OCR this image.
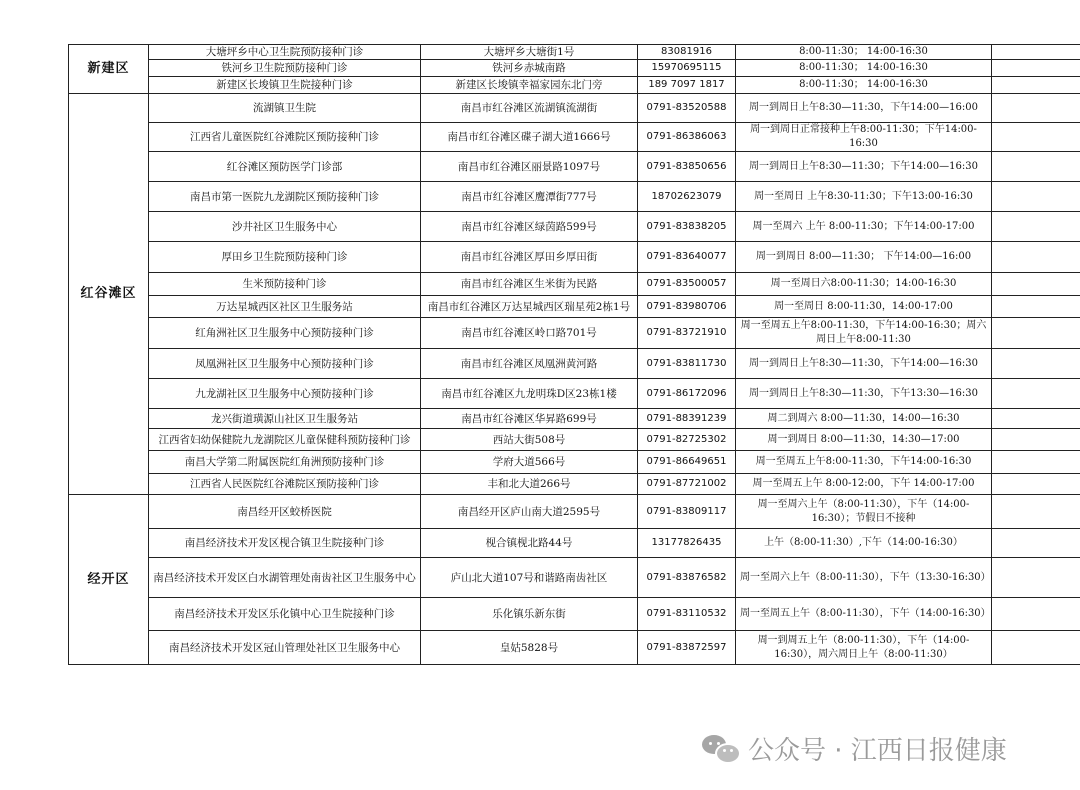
新建区	大塘坪乡中心卫生院预防接种门诊	大塘坪乡大塘街1号	83081916	8:00-11:30； 14:00-16:30	
	铁河乡卫生院预防接种门诊	铁河乡赤城南路	15970695115	8:00-11:30； 14:00-16:30	
	新建区长埈镇卫生院接种门诊	新建区长埈镇幸福家园东北门旁	189 7097 1817	8:00-11:30； 14:00-16:30	
红谷滩区	流湖镇卫生院	南昌市红谷滩区流湖镇流湖街	0791-83520588	周一到周日上午8:30—11:30，下午14:00—16:00	
	江西省儿童医院红谷滩院区预防接种门诊	南昌市红谷滩区碟子湖大道1666号	0791-86386063	周一到周日正常接种上午8:00-11:30；下午14:00-16:30	
	红谷滩区预防医学门诊部	南昌市红谷滩区丽景路1097号	0791-83850656	周一到周日上午8:30—11:30；下午14:00—16:30	
	南昌市第一医院九龙湖院区预防接种门诊	南昌市红谷滩区鹰潭街777号	18702623079	周一至周日 上午8:30-11:30；下午13:00-16:30	
	沙井社区卫生服务中心	南昌市红谷滩区绿茵路599号	0791-83838205	周一至周六 上午 8:00-11:30；下午14:00-17:00	
	厚田乡卫生院预防接种门诊	南昌市红谷滩区厚田乡厚田街	0791-83640077	周一到周日 8:00—11:30； 下午14:00—16:00	
	生米预防接种门诊	南昌市红谷滩区生米街为民路	0791-83500057	周一至周日六8:00-11:30；14:00-16:30	
	万达星城西区社区卫生服务站	南昌市红谷滩区万达星城西区瑞星苑2栋1号	0791-83980706	周一至周日 8:00-11:30，14:00-17:00	
	红角洲社区卫生服务中心预防接种门诊	南昌市红谷滩区岭口路701号	0791-83721910	周一至周五上午8:00-11:30，下午14:00-16:30；周六周日上午8:00-11:30	
	凤凰洲社区卫生服务中心预防接种门诊	南昌市红谷滩区凤凰洲黄河路	0791-83811730	周一到周日上午8:30—11:30，下午14:00—16:30	
	九龙湖社区卫生服务中心预防接种门诊	南昌市红谷滩区九龙明珠D区23栋1楼	0791-86172096	周一到周日上午8:30—11:30，下午13:30—16:30	
	龙兴街道璜源山社区卫生服务站	南昌市红谷滩区华昇路699号	0791-88391239	周二到周六 8:00—11:30，14:00—16:30	
	江西省妇幼保健院九龙湖院区儿童保健科预防接种门诊	西站大街508号	0791-82725302	周一到周日 8:00—11:30，14:30—17:00	
	南昌大学第二附属医院红角洲预防接种门诊	学府大道566号	0791-86649651	周一至周五上午8:00-11:30，下午14:00-16:30	
	江西省人民医院红谷滩院区预防接种门诊	丰和北大道266号	0791-87721002	周一至周五上午 8:00-12:00，下午 14:00-17:00	
经开区	南昌经开区蛟桥医院	南昌经开区庐山南大道2595号	0791-83809117	周一至周六上午（8:00-11:30），下午（14:00-16:30）；节假日不接种	
	南昌经济技术开发区枧合镇卫生院接种门诊	枧合镇枧北路44号	13177826435	上午（8:00-11:30）,下午（14:00-16:30）	
	南昌经济技术开发区白水湖管理处南齿社区卫生服务中心	庐山北大道107号和谐路南齿社区	0791-83876582	周一至周六上午（8:00-11:30），下午（13:30-16:30）	
	南昌经济技术开发区乐化镇中心卫生院接种门诊	乐化镇乐新东街	0791-83110532	周一至周五上午（8:00-11:30），下午（14:00-16:30）	
	南昌经济技术开发区冠山管理处社区卫生服务中心	皇姑5828号	0791-83872597	周一到周五上午（8:00-11:30），下午（14:00-16:30），周六周日上午（8:00-11:30）	
公众号 · 江西日报健康
